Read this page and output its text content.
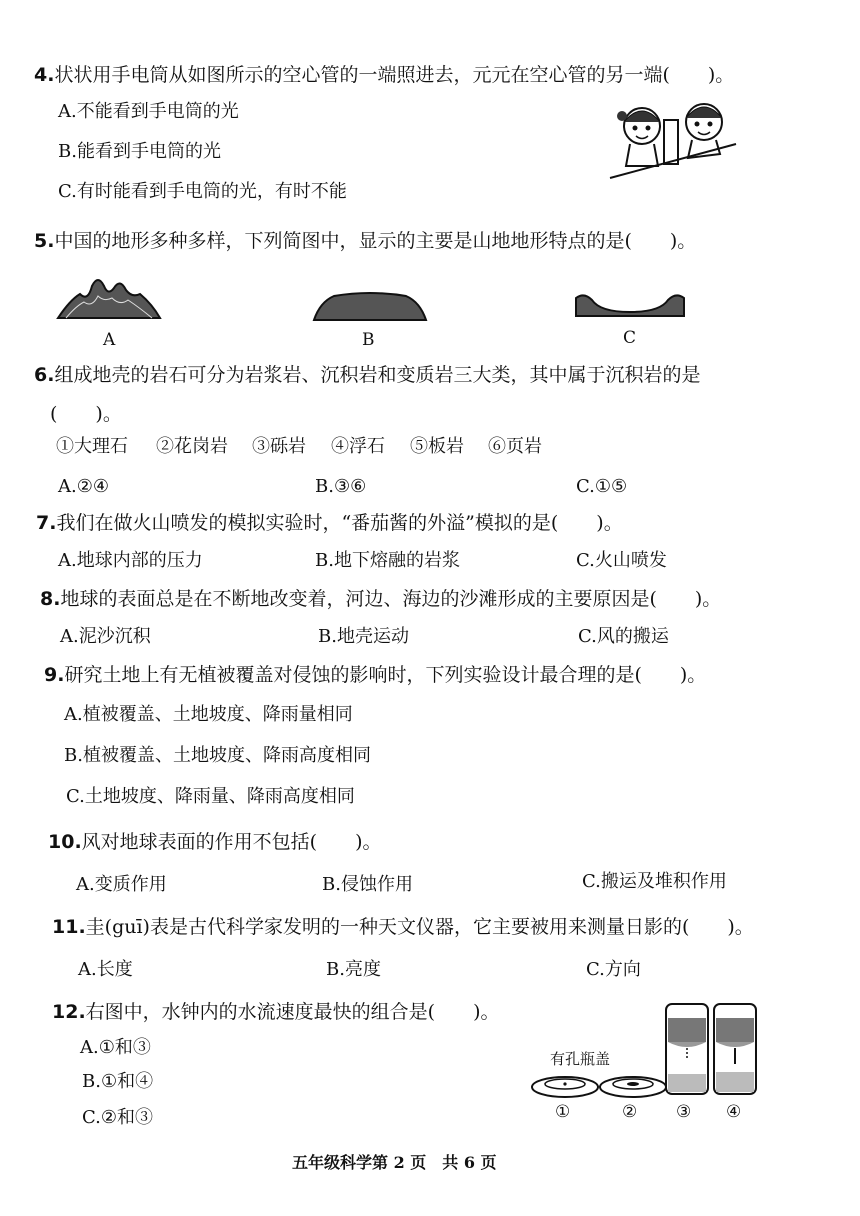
4.状状用手电筒从如图所示的空心管的一端照进去，元元在空心管的另一端(　　)。
A.不能看到手电筒的光
B.能看到手电筒的光
C.有时能看到手电筒的光，有时不能
5.中国的地形多种多样，下列简图中，显示的主要是山地地形特点的是(　　)。
A	B	C
6.组成地壳的岩石可分为岩浆岩、沉积岩和变质岩三大类，其中属于沉积岩的是
(　　)。
①大理石 ②花岗岩 ③砾岩 ④浮石 ⑤板岩 ⑥页岩
A.②④	B.③⑥	C.①⑤
7.我们在做火山喷发的模拟实验时，“番茄酱的外溢”模拟的是(　　)。
A.地球内部的压力	B.地下熔融的岩浆	C.火山喷发
8.地球的表面总是在不断地改变着，河边、海边的沙滩形成的主要原因是(　　)。
A.泥沙沉积	B.地壳运动	C.风的搬运
9.研究土地上有无植被覆盖对侵蚀的影响时，下列实验设计最合理的是(　　)。
A.植被覆盖、土地坡度、降雨量相同
B.植被覆盖、土地坡度、降雨高度相同
C.土地坡度、降雨量、降雨高度相同
10.风对地球表面的作用不包括(　　)。
A.变质作用	B.侵蚀作用	C.搬运及堆积作用
11.圭(guī)表是古代科学家发明的一种天文仪器，它主要被用来测量日影的(　　)。
A.长度	B.亮度	C.方向
12.右图中，水钟内的水流速度最快的组合是(　　)。
A.①和③
B.①和④
C.②和③
有孔瓶盖
①	② ③ ④
五年级科学第 2 页　共 6 页
